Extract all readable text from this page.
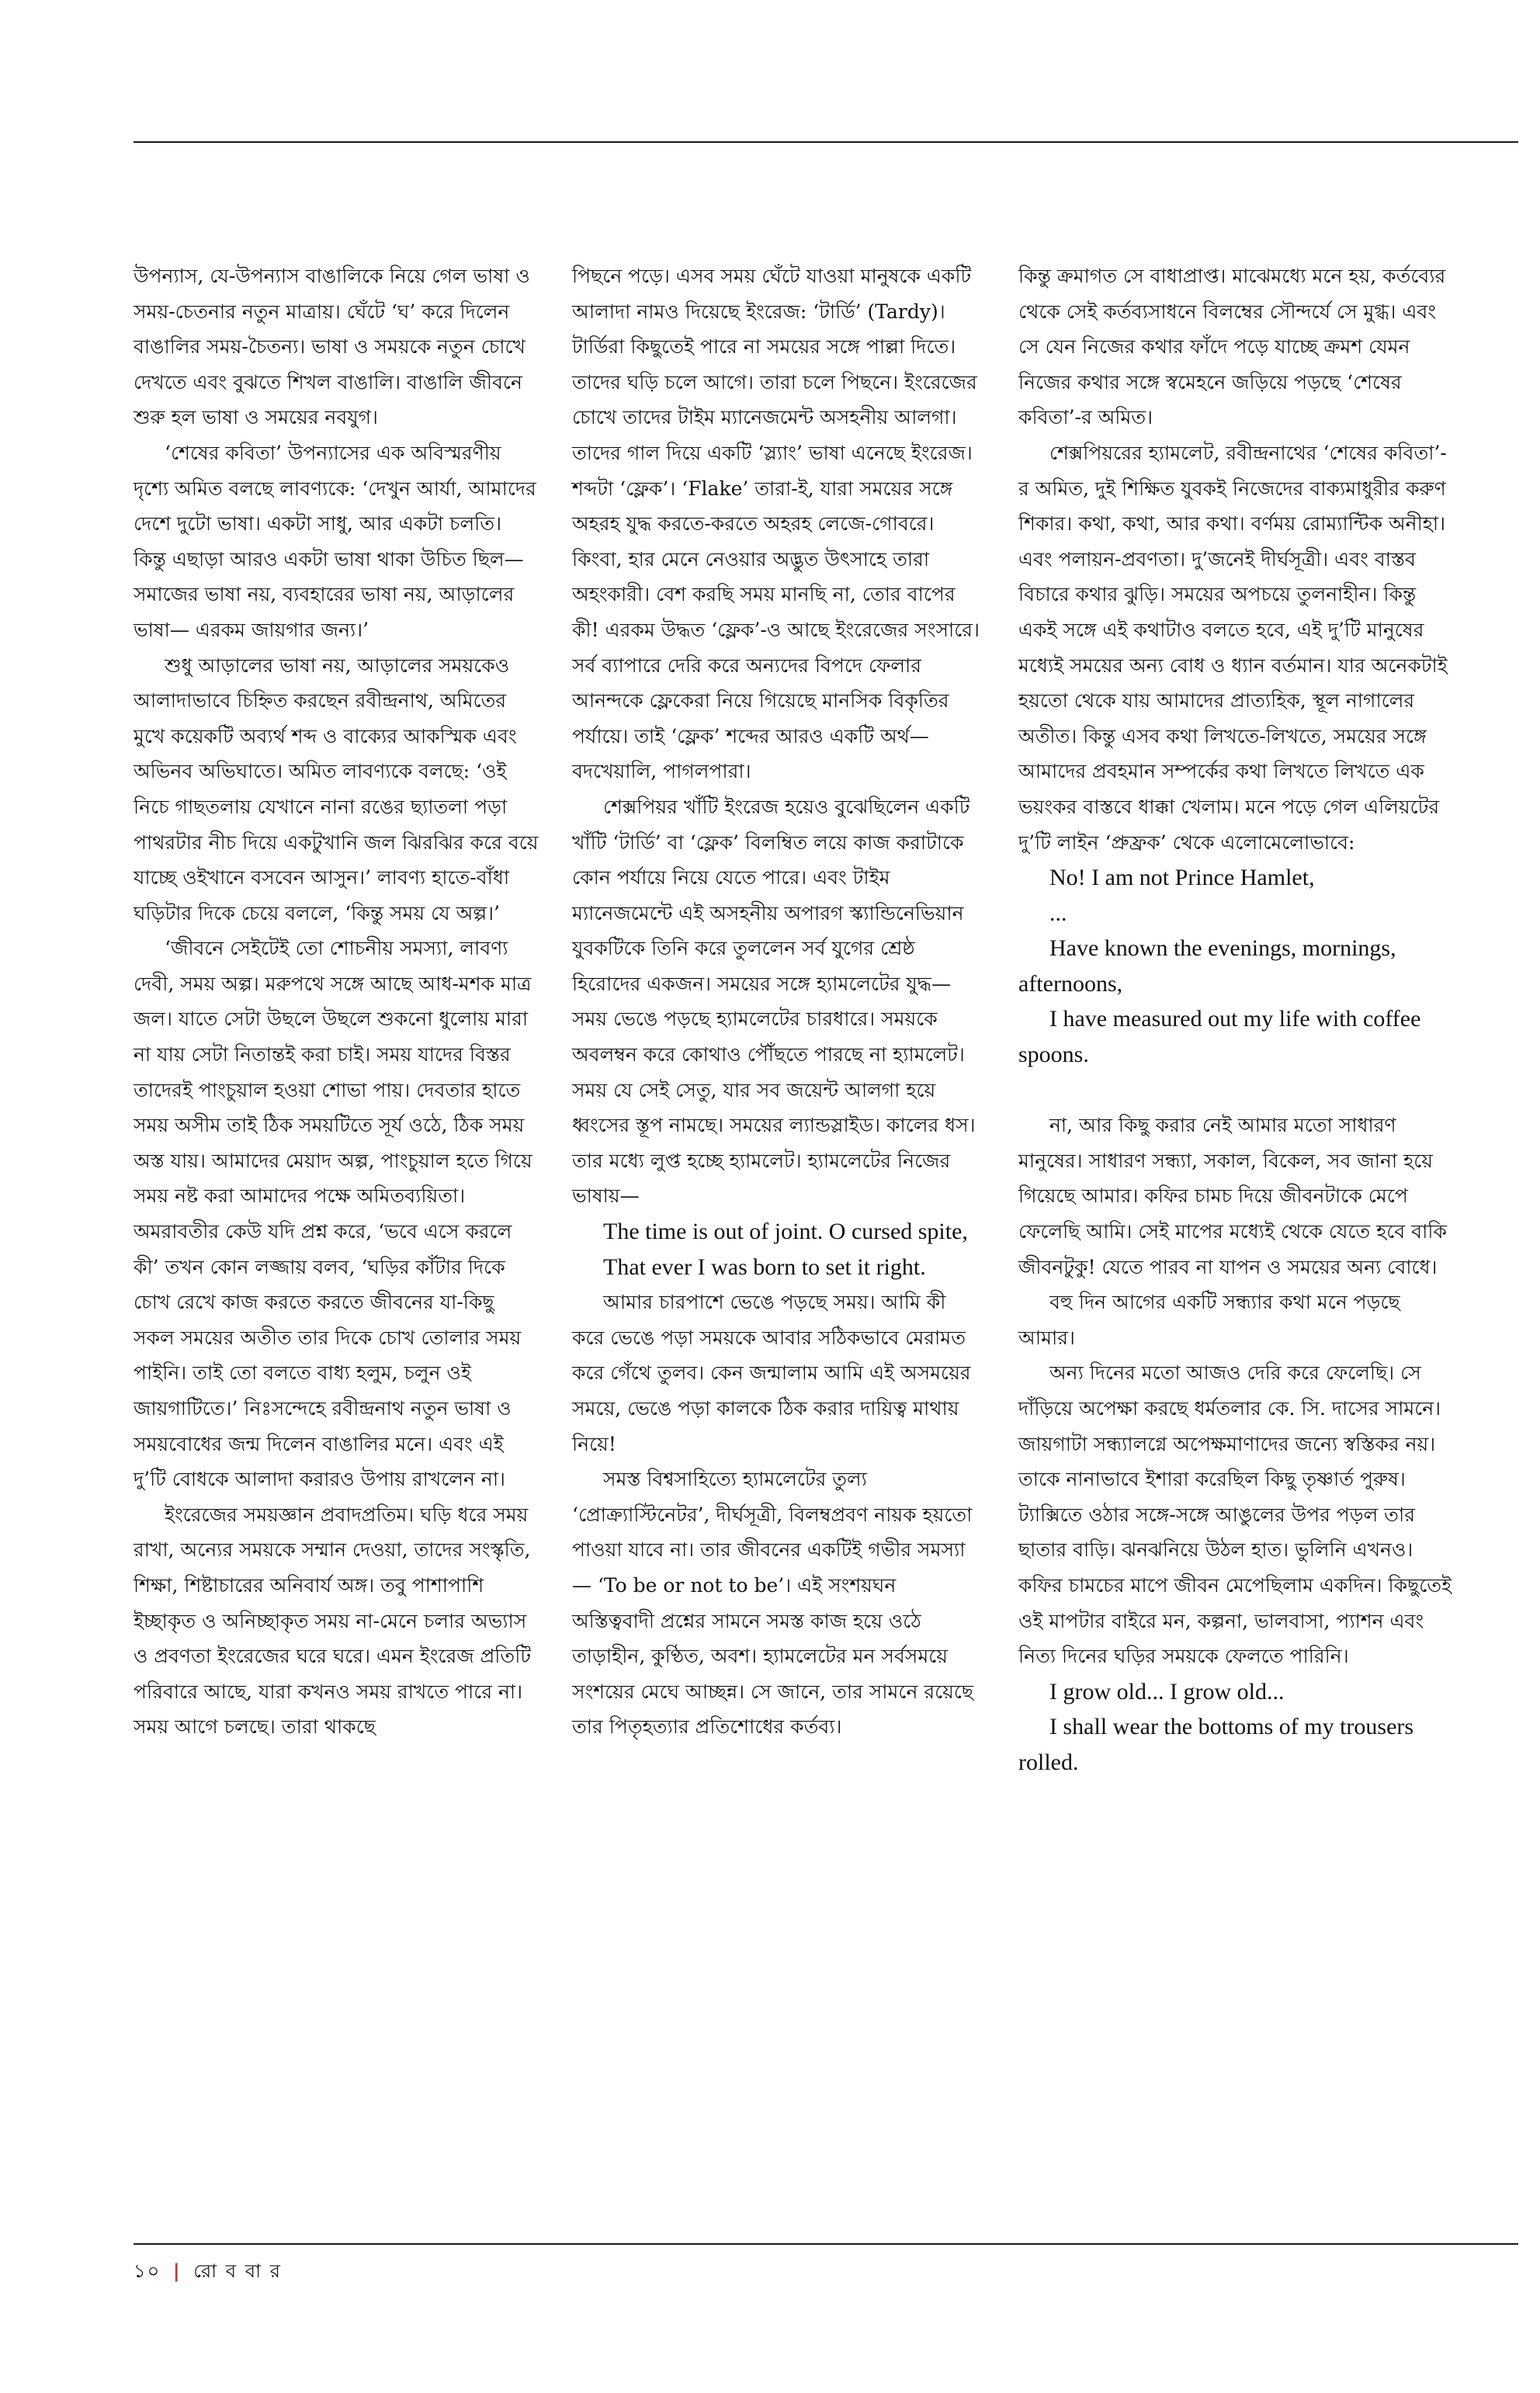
উপন্যাস, যে-উপন্যাস বাঙালিকে নিয়ে গেল ভাষা ও সময়-চেতনার নতুন মাত্রায়। ঘেঁটে ‘ঘ’ করে দিলেন বাঙালির সময়-চৈতন্য। ভাষা ও সময়কে নতুন চোখে দেখতে এবং বুঝতে শিখল বাঙালি। বাঙালি জীবনে শুরু হল ভাষা ও সময়ের নবযুগ।

‘শেষের কবিতা’ উপন্যাসের এক অবিস্মরণীয় দৃশ্যে অমিত বলছে লাবণ্যকে: ‘দেখুন আর্যা, আমাদের দেশে দুটো ভাষা। একটা সাধু, আর একটা চলতি। কিন্তু এছাড়া আরও একটা ভাষা থাকা উচিত ছিল— সমাজের ভাষা নয়, ব্যবহারের ভাষা নয়, আড়ালের ভাষা— এরকম জায়গার জন্য।’

শুধু আড়ালের ভাষা নয়, আড়ালের সময়কেও আলাদাভাবে চিহ্নিত করছেন রবীন্দ্রনাথ, অমিতের মুখে কয়েকটি অব্যর্থ শব্দ ও বাক্যের আকস্মিক এবং অভিনব অভিঘাতে। অমিত লাবণ্যকে বলছে: ‘ওই নিচে গাছতলায় যেখানে নানা রঙের ছ্যাতলা পড়া পাথরটার নীচ দিয়ে একটুখানি জল ঝিরঝির করে বয়ে যাচ্ছে ওইখানে বসবেন আসুন।’ লাবণ্য হাতে-বাঁধা ঘড়িটার দিকে চেয়ে বললে, ‘কিন্তু সময় যে অল্প।’

‘জীবনে সেইটেই তো শোচনীয় সমস্যা, লাবণ্য দেবী, সময় অল্প। মরুপথে সঙ্গে আছে আধ-মশক মাত্র জল। যাতে সেটা উছলে উছলে শুকনো ধুলোয় মারা না যায় সেটা নিতান্তই করা চাই। সময় যাদের বিস্তর তাদেরই পাংচুয়াল হওয়া শোভা পায়। দেবতার হাতে সময় অসীম তাই ঠিক সময়টিতে সূর্য ওঠে, ঠিক সময় অস্ত যায়। আমাদের মেয়াদ অল্প, পাংচুয়াল হতে গিয়ে সময় নষ্ট করা আমাদের পক্ষে অমিতব্যয়িতা। অমরাবতীর কেউ যদি প্রশ্ন করে, ‘ভবে এসে করলে কী’ তখন কোন লজ্জায় বলব, ‘ঘড়ির কাঁটার দিকে চোখ রেখে কাজ করতে করতে জীবনের যা-কিছু সকল সময়ের অতীত তার দিকে চোখ তোলার সময় পাইনি। তাই তো বলতে বাধ্য হলুম, চলুন ওই জায়গাটিতে।’ নিঃসন্দেহে রবীন্দ্রনাথ নতুন ভাষা ও সময়বোধের জন্ম দিলেন বাঙালির মনে। এবং এই দু’টি বোধকে আলাদা করারও উপায় রাখলেন না।

ইংরেজের সময়জ্ঞান প্রবাদপ্রতিম। ঘড়ি ধরে সময় রাখা, অন্যের সময়কে সম্মান দেওয়া, তাদের সংস্কৃতি, শিক্ষা, শিষ্টাচারের অনিবার্য অঙ্গ। তবু পাশাপাশি ইচ্ছাকৃত ও অনিচ্ছাকৃত সময় না-মেনে চলার অভ্যাস ও প্রবণতা ইংরেজের ঘরে ঘরে। এমন ইংরেজ প্রতিটি পরিবারে আছে, যারা কখনও সময় রাখতে পারে না। সময় আগে চলছে। তারা থাকছে

পিছনে পড়ে। এসব সময় ঘেঁটে যাওয়া মানুষকে একটি আলাদা নামও দিয়েছে ইংরেজ: ‘টার্ডি’ (Tardy)। টার্ডিরা কিছুতেই পারে না সময়ের সঙ্গে পাল্লা দিতে। তাদের ঘড়ি চলে আগে। তারা চলে পিছনে। ইংরেজের চোখে তাদের টাইম ম্যানেজমেন্ট অসহনীয় আলগা। তাদের গাল দিয়ে একটি ‘স্ল্যাং’ ভাষা এনেছে ইংরেজ। শব্দটা ‘ফ্লেক’। ‘Flake’ তারা-ই, যারা সময়ের সঙ্গে অহরহ যুদ্ধ করতে-করতে অহরহ লেজে-গোবরে। কিংবা, হার মেনে নেওয়ার অদ্ভুত উৎসাহে তারা অহংকারী। বেশ করছি সময় মানছি না, তোর বাপের কী! এরকম উদ্ধত ‘ফ্লেক’-ও আছে ইংরেজের সংসারে। সর্ব ব্যাপারে দেরি করে অন্যদের বিপদে ফেলার আনন্দকে ফ্লেকেরা নিয়ে গিয়েছে মানসিক বিকৃতির পর্যায়ে। তাই ‘ফ্লেক’ শব্দের আরও একটি অর্থ— বদখেয়ালি, পাগলপারা।

শেক্সপিয়র খাঁটি ইংরেজ হয়েও বুঝেছিলেন একটি খাঁটি ‘টার্ডি’ বা ‘ফ্লেক’ বিলম্বিত লয়ে কাজ করাটাকে কোন পর্যায়ে নিয়ে যেতে পারে। এবং টাইম ম্যানেজমেন্টে এই অসহনীয় অপারগ স্ক্যান্ডিনেভিয়ান যুবকটিকে তিনি করে তুললেন সর্ব যুগের শ্রেষ্ঠ হিরোদের একজন। সময়ের সঙ্গে হ্যামলেটের যুদ্ধ— সময় ভেঙে পড়ছে হ্যামলেটের চারধারে। সময়কে অবলম্বন করে কোথাও পৌঁছতে পারছে না হ্যামলেট। সময় যে সেই সেতু, যার সব জয়েন্ট আলগা হয়ে ধ্বংসের স্তূপ নামছে। সময়ের ল্যান্ডস্লাইড। কালের ধস। তার মধ্যে লুপ্ত হচ্ছে হ্যামলেট। হ্যামলেটের নিজের ভাষায়—

The time is out of joint. O cursed spite,

That ever I was born to set it right.

আমার চারপাশে ভেঙে পড়ছে সময়। আমি কী করে ভেঙে পড়া সময়কে আবার সঠিকভাবে মেরামত করে গেঁথে তুলব। কেন জন্মালাম আমি এই অসময়ের সময়ে, ভেঙে পড়া কালকে ঠিক করার দায়িত্ব মাথায় নিয়ে!

সমস্ত বিশ্বসাহিত্যে হ্যামলেটের তুল্য ‘প্রোক্র্যাস্টিনেটর’, দীর্ঘসূত্রী, বিলম্বপ্রবণ নায়ক হয়তো পাওয়া যাবে না। তার জীবনের একটিই গভীর সমস্যা— ‘To be or not to be’। এই সংশয়ঘন অস্তিত্ববাদী প্রশ্নের সামনে সমস্ত কাজ হয়ে ওঠে তাড়াহীন, কুণ্ঠিত, অবশ। হ্যামলেটের মন সর্বসময়ে সংশয়ের মেঘে আচ্ছন্ন। সে জানে, তার সামনে রয়েছে তার পিতৃহত্যার প্রতিশোধের কর্তব্য।

কিন্তু ক্রমাগত সে বাধাপ্রাপ্ত। মাঝেমধ্যে মনে হয়, কর্তব্যের থেকে সেই কর্তব্যসাধনে বিলম্বের সৌন্দর্যে সে মুগ্ধ। এবং সে যেন নিজের কথার ফাঁদে পড়ে যাচ্ছে ক্রমশ যেমন নিজের কথার সঙ্গে স্বমেহনে জড়িয়ে পড়ছে ‘শেষের কবিতা’-র অমিত।

শেক্সপিয়রের হ্যামলেট, রবীন্দ্রনাথের ‘শেষের কবিতা’-র অমিত, দুই শিক্ষিত যুবকই নিজেদের বাক্যমাধুরীর করুণ শিকার। কথা, কথা, আর কথা। বর্ণময় রোম্যান্টিক অনীহা। এবং পলায়ন-প্রবণতা। দু’জনেই দীর্ঘসূত্রী। এবং বাস্তব বিচারে কথার ঝুড়ি। সময়ের অপচয়ে তুলনাহীন। কিন্তু একই সঙ্গে এই কথাটাও বলতে হবে, এই দু’টি মানুষের মধ্যেই সময়ের অন্য বোধ ও ধ্যান বর্তমান। যার অনেকটাই হয়তো থেকে যায় আমাদের প্রাত্যহিক, স্থূল নাগালের অতীত। কিন্তু এসব কথা লিখতে-লিখতে, সময়ের সঙ্গে আমাদের প্রবহমান সম্পর্কের কথা লিখতে লিখতে এক ভয়ংকর বাস্তবে ধাক্কা খেলাম। মনে পড়ে গেল এলিয়টের দু’টি লাইন ‘প্রুফ্রক’ থেকে এলোমেলোভাবে:

No! I am not Prince Hamlet,

...

Have known the evenings, mornings, afternoons,

I have measured out my life with coffee spoons.

না, আর কিছু করার নেই আমার মতো সাধারণ মানুষের। সাধারণ সন্ধ্যা, সকাল, বিকেল, সব জানা হয়ে গিয়েছে আমার। কফির চামচ দিয়ে জীবনটাকে মেপে ফেলেছি আমি। সেই মাপের মধ্যেই থেকে যেতে হবে বাকি জীবনটুকু! যেতে পারব না যাপন ও সময়ের অন্য বোধে।

বহু দিন আগের একটি সন্ধ্যার কথা মনে পড়ছে আমার।

অন্য দিনের মতো আজও দেরি করে ফেলেছি। সে দাঁড়িয়ে অপেক্ষা করছে ধর্মতলার কে. সি. দাসের সামনে। জায়গাটা সন্ধ্যালগ্নে অপেক্ষমাণাদের জন্যে স্বস্তিকর নয়। তাকে নানাভাবে ইশারা করেছিল কিছু তৃষ্ণার্ত পুরুষ। ট্যাক্সিতে ওঠার সঙ্গে-সঙ্গে আঙুলের উপর পড়ল তার ছাতার বাড়ি। ঝনঝনিয়ে উঠল হাত। ভুলিনি এখনও। কফির চামচের মাপে জীবন মেপেছিলাম একদিন। কিছুতেই ওই মাপটার বাইরে মন, কল্পনা, ভালবাসা, প্যাশন এবং নিত্য দিনের ঘড়ির সময়কে ফেলতে পারিনি।

I grow old... I grow old...

I shall wear the bottoms of my trousers rolled.

১০ | রো ব বা র
